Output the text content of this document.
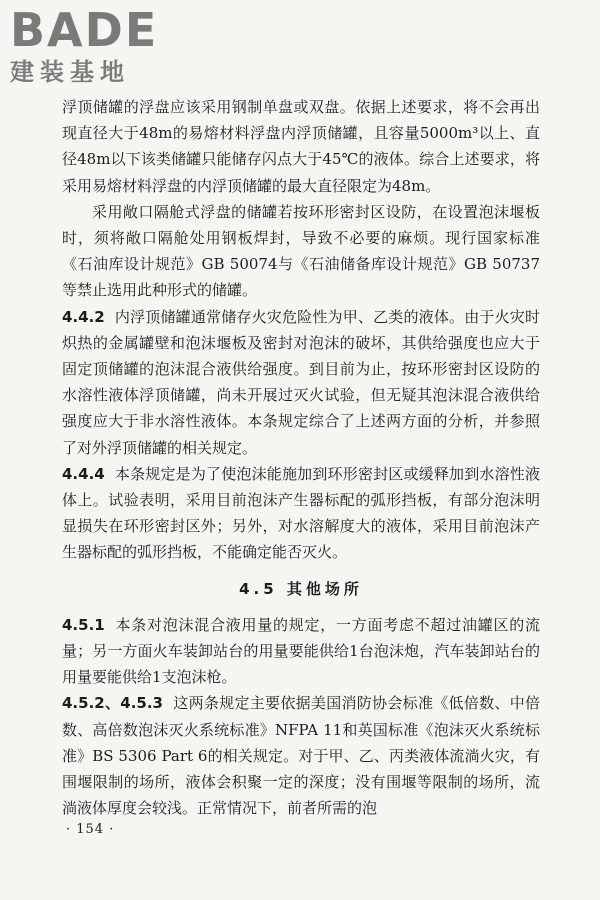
BADE
建装基地

浮顶储罐的浮盘应该采用钢制单盘或双盘。依据上述要求，将不会再出现直径大于48m的易熔材料浮盘内浮顶储罐，且容量5000m³以上、直径48m以下该类储罐只能储存闪点大于45℃的液体。综合上述要求，将采用易熔材料浮盘的内浮顶储罐的最大直径限定为48m。

采用敞口隔舱式浮盘的储罐若按环形密封区设防，在设置泡沫堰板时，须将敞口隔舱处用钢板焊封，导致不必要的麻烦。现行国家标准《石油库设计规范》GB 50074与《石油储备库设计规范》GB 50737等禁止选用此种形式的储罐。

4.4.2 内浮顶储罐通常储存火灾危险性为甲、乙类的液体。由于火灾时炽热的金属罐壁和泡沫堰板及密封对泡沫的破坏，其供给强度也应大于固定顶储罐的泡沫混合液供给强度。到目前为止，按环形密封区设防的水溶性液体浮顶储罐，尚未开展过灭火试验，但无疑其泡沫混合液供给强度应大于非水溶性液体。本条规定综合了上述两方面的分析，并参照了对外浮顶储罐的相关规定。

4.4.4 本条规定是为了使泡沫能施加到环形密封区或缓释加到水溶性液体上。试验表明，采用目前泡沫产生器标配的弧形挡板，有部分泡沫明显损失在环形密封区外；另外，对水溶解度大的液体，采用目前泡沫产生器标配的弧形挡板，不能确定能否灭火。

4.5 其他场所

4.5.1 本条对泡沫混合液用量的规定，一方面考虑不超过油罐区的流量；另一方面火车装卸站台的用量要能供给1台泡沫炮，汽车装卸站台的用量要能供给1支泡沫枪。

4.5.2、4.5.3 这两条规定主要依据美国消防协会标准《低倍数、中倍数、高倍数泡沫灭火系统标准》NFPA 11和英国标准《泡沫灭火系统标准》BS 5306 Part 6的相关规定。对于甲、乙、丙类液体流淌火灾，有围堰限制的场所，液体会积聚一定的深度；没有围堰等限制的场所，流淌液体厚度会较浅。正常情况下，前者所需的泡

· 154 ·
